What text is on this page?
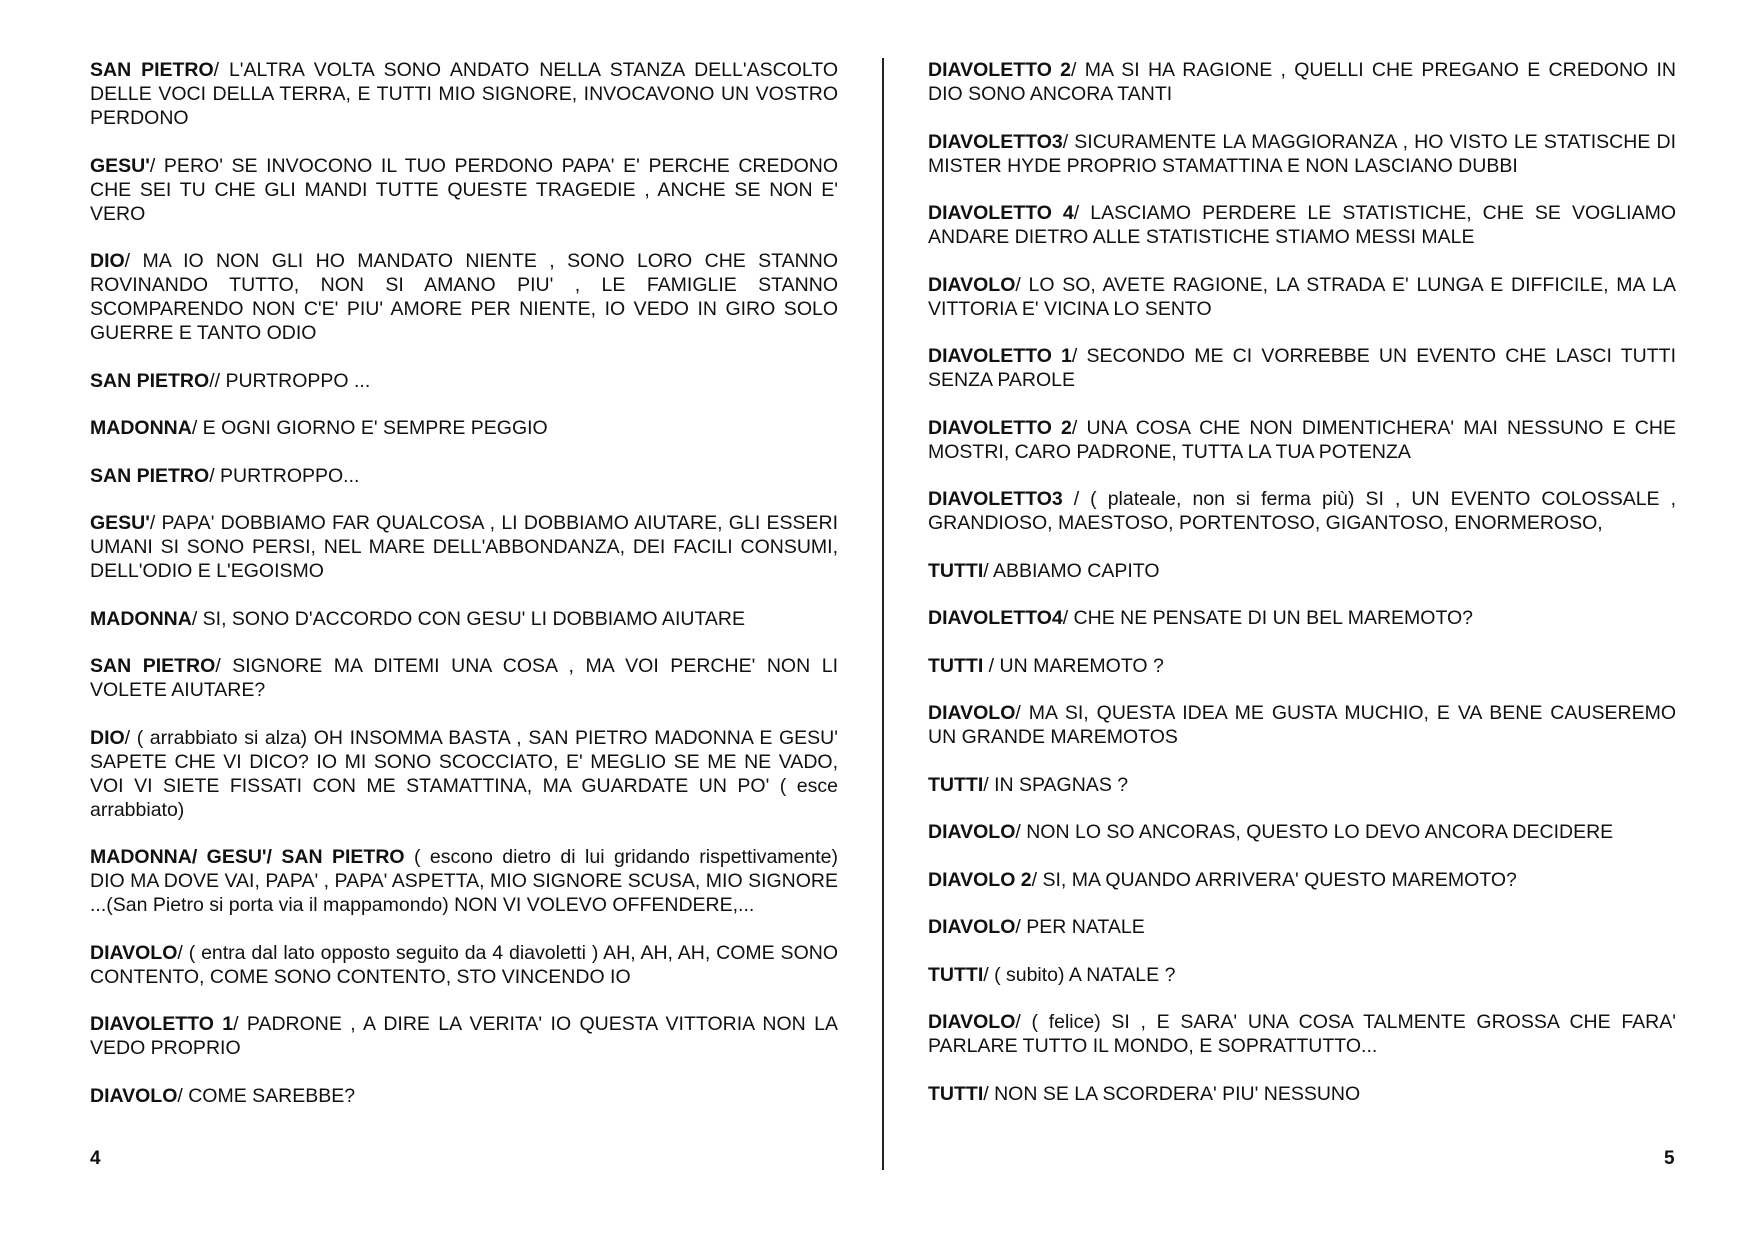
SAN PIETRO/ L'ALTRA VOLTA SONO ANDATO NELLA STANZA DELL'ASCOLTO DELLE VOCI DELLA TERRA, E TUTTI MIO SIGNORE, INVOCAVONO UN VOSTRO PERDONO

GESU'/ PERO' SE INVOCONO IL TUO PERDONO PAPA' E' PERCHE CREDONO CHE SEI TU CHE GLI MANDI TUTTE QUESTE TRAGEDIE , ANCHE SE NON E' VERO

DIO/ MA IO NON GLI HO MANDATO NIENTE , SONO LORO CHE STANNO ROVINANDO TUTTO, NON SI AMANO PIU' , LE FAMIGLIE STANNO SCOMPARENDO NON C'E' PIU' AMORE PER NIENTE, IO VEDO IN GIRO SOLO GUERRE E TANTO ODIO

SAN PIETRO// PURTROPPO ...

MADONNA/ E OGNI GIORNO E' SEMPRE PEGGIO

SAN PIETRO/ PURTROPPO...

GESU'/ PAPA' DOBBIAMO FAR QUALCOSA , LI DOBBIAMO AIUTARE, GLI ESSERI UMANI SI SONO PERSI, NEL MARE DELL'ABBONDANZA, DEI FACILI CONSUMI, DELL'ODIO E L'EGOISMO

MADONNA/ SI, SONO D'ACCORDO CON GESU' LI DOBBIAMO AIUTARE

SAN PIETRO/ SIGNORE MA DITEMI UNA COSA , MA VOI PERCHE' NON LI VOLETE AIUTARE?

DIO/ ( arrabbiato si alza) OH INSOMMA BASTA , SAN PIETRO MADONNA E GESU' SAPETE CHE VI DICO? IO MI SONO SCOCCIATO, E' MEGLIO SE ME NE VADO, VOI VI SIETE FISSATI CON ME STAMATTINA, MA GUARDATE UN PO' ( esce arrabbiato)

MADONNA/ GESU'/ SAN PIETRO ( escono dietro di lui gridando rispettivamente) DIO MA DOVE VAI, PAPA' , PAPA' ASPETTA, MIO SIGNORE SCUSA, MIO SIGNORE ...(San Pietro si porta via il mappamondo) NON VI VOLEVO OFFENDERE,...

DIAVOLO/ ( entra dal lato opposto seguito da 4 diavoletti ) AH, AH, AH, COME SONO CONTENTO, COME SONO CONTENTO, STO VINCENDO IO

DIAVOLETTO 1/ PADRONE , A DIRE LA VERITA' IO QUESTA VITTORIA NON LA VEDO PROPRIO

DIAVOLO/ COME SAREBBE?

DIAVOLETTO 2/ MA SI HA RAGIONE , QUELLI CHE PREGANO E CREDONO IN DIO SONO ANCORA TANTI

DIAVOLETTO3/ SICURAMENTE LA MAGGIORANZA , HO VISTO LE STATISCHE DI MISTER HYDE PROPRIO STAMATTINA E NON LASCIANO DUBBI

DIAVOLETTO 4/ LASCIAMO PERDERE LE STATISTICHE, CHE SE VOGLIAMO ANDARE DIETRO ALLE STATISTICHE STIAMO MESSI MALE

DIAVOLO/ LO SO, AVETE RAGIONE, LA STRADA E' LUNGA E DIFFICILE, MA LA VITTORIA E' VICINA LO SENTO

DIAVOLETTO 1/ SECONDO ME CI VORREBBE UN EVENTO CHE LASCI TUTTI SENZA PAROLE

DIAVOLETTO 2/ UNA COSA CHE NON DIMENTICHERA' MAI NESSUNO E CHE MOSTRI, CARO PADRONE, TUTTA LA TUA POTENZA

DIAVOLETTO3 / ( plateale, non si ferma più) SI , UN EVENTO COLOSSALE , GRANDIOSO, MAESTOSO, PORTENTOSO, GIGANTOSO, ENORMEROSO,

TUTTI/ ABBIAMO CAPITO

DIAVOLETTO4/ CHE NE PENSATE DI UN BEL MAREMOTO?

TUTTI / UN MAREMOTO ?

DIAVOLO/ MA SI, QUESTA IDEA ME GUSTA MUCHIO, E VA BENE CAUSEREMO UN GRANDE MAREMOTOS

TUTTI/ IN SPAGNAS ?

DIAVOLO/ NON LO SO ANCORAS, QUESTO LO DEVO ANCORA DECIDERE

DIAVOLO 2/ SI, MA QUANDO ARRIVERA' QUESTO MAREMOTO?

DIAVOLO/ PER NATALE

TUTTI/ ( subito) A NATALE ?

DIAVOLO/ ( felice) SI , E SARA' UNA COSA TALMENTE GROSSA CHE FARA' PARLARE TUTTO IL MONDO, E SOPRATTUTTO...

TUTTI/ NON SE LA SCORDERA' PIU' NESSUNO

4	5
